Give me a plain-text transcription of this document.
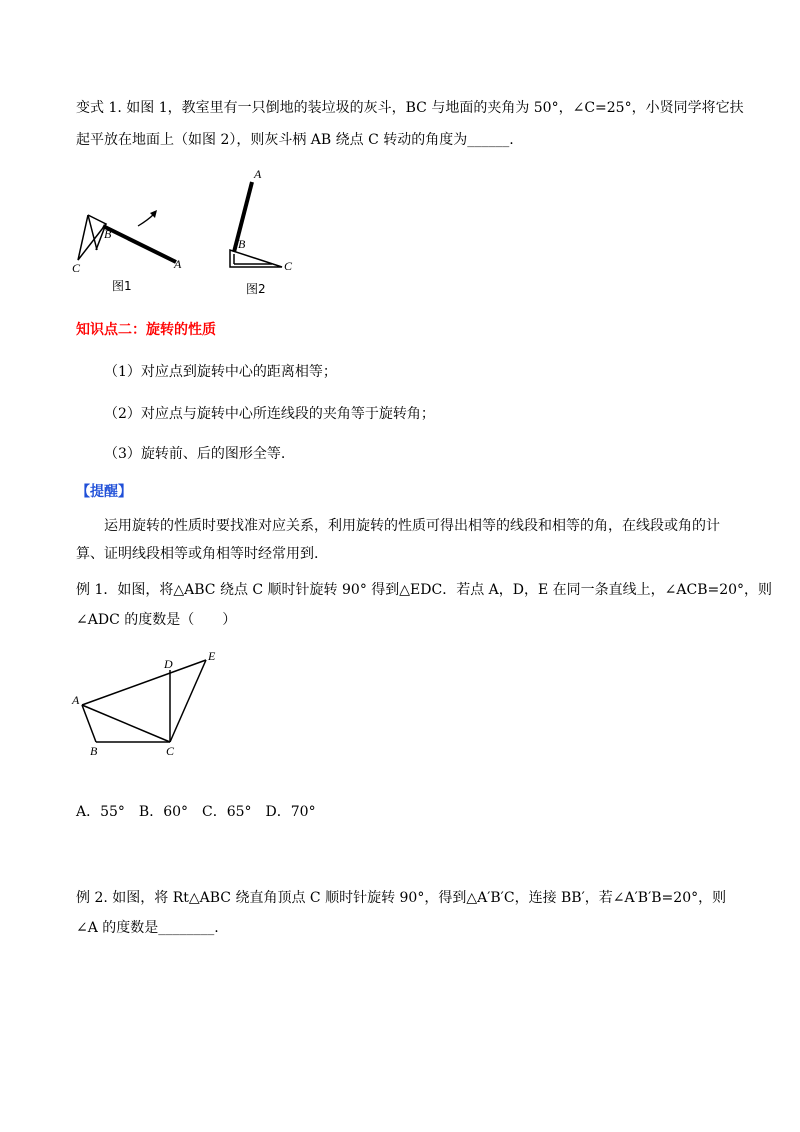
变式 1. 如图 1，教室里有一只倒地的装垃圾的灰斗，BC 与地面的夹角为 50°，∠C=25°，小贤同学将它扶
起平放在地面上（如图 2），则灰斗柄 AB 绕点 C 转动的角度为______.
B
C	A
图1
A
B
C
图2
知识点二：旋转的性质
（1）对应点到旋转中心的距离相等；
（2）对应点与旋转中心所连线段的夹角等于旋转角；
（3）旋转前、后的图形全等.
【提醒】
运用旋转的性质时要找准对应关系，利用旋转的性质可得出相等的线段和相等的角，在线段或角的计
算、证明线段相等或角相等时经常用到.
例 1．如图，将△ABC 绕点 C 顺时针旋转 90° 得到△EDC．若点 A，D，E 在同一条直线上，∠ACB=20°，则
∠ADC 的度数是（　　）
A
B	C
D
E
A．55°　B．60°　C．65°　D．70°
例 2. 如图，将 Rt△ABC 绕直角顶点 C 顺时针旋转 90°，得到△A′B′C，连接 BB′，若∠A′B′B=20°，则
∠A 的度数是________.
